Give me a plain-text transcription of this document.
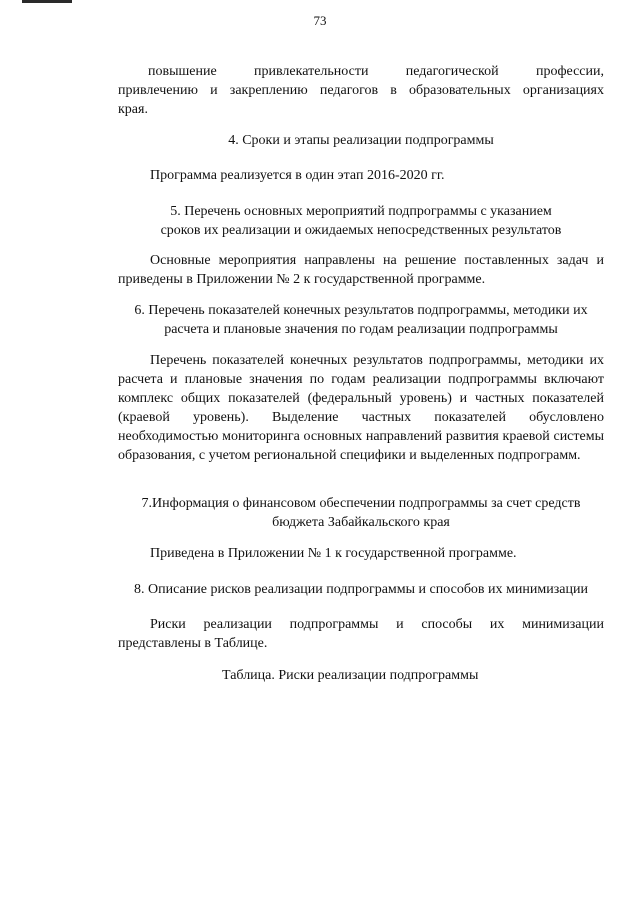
73

повышение привлекательности педагогической профессии,

привлечению и закреплению педагогов в образовательных организациях

края.

4. Сроки и этапы реализации подпрограммы
Программа реализуется в один этап 2016-2020 гг.
5. Перечень основных мероприятий подпрограммы с указанием
сроков их реализации и ожидаемых непосредственных результатов
Основные мероприятия направлены на решение поставленных задач и приведены в Приложении № 2 к государственной программе.
6. Перечень показателей конечных результатов подпрограммы, методики их
расчета и плановые значения по годам реализации подпрограммы
Перечень показателей конечных результатов подпрограммы, методики их расчета и плановые значения по годам реализации подпрограммы включают комплекс общих показателей (федеральный уровень) и частных показателей (краевой уровень). Выделение частных показателей обусловлено необходимостью мониторинга основных направлений развития краевой системы образования, с учетом региональной специфики и выделенных подпрограмм.
7.Информация о финансовом обеспечении подпрограммы за счет средств
бюджета Забайкальского края
Приведена в Приложении № 1 к государственной программе.
8. Описание рисков реализации подпрограммы и способов их минимизации
Риски реализации подпрограммы и способы их минимизации представлены в Таблице.
Таблица. Риски реализации подпрограммы
